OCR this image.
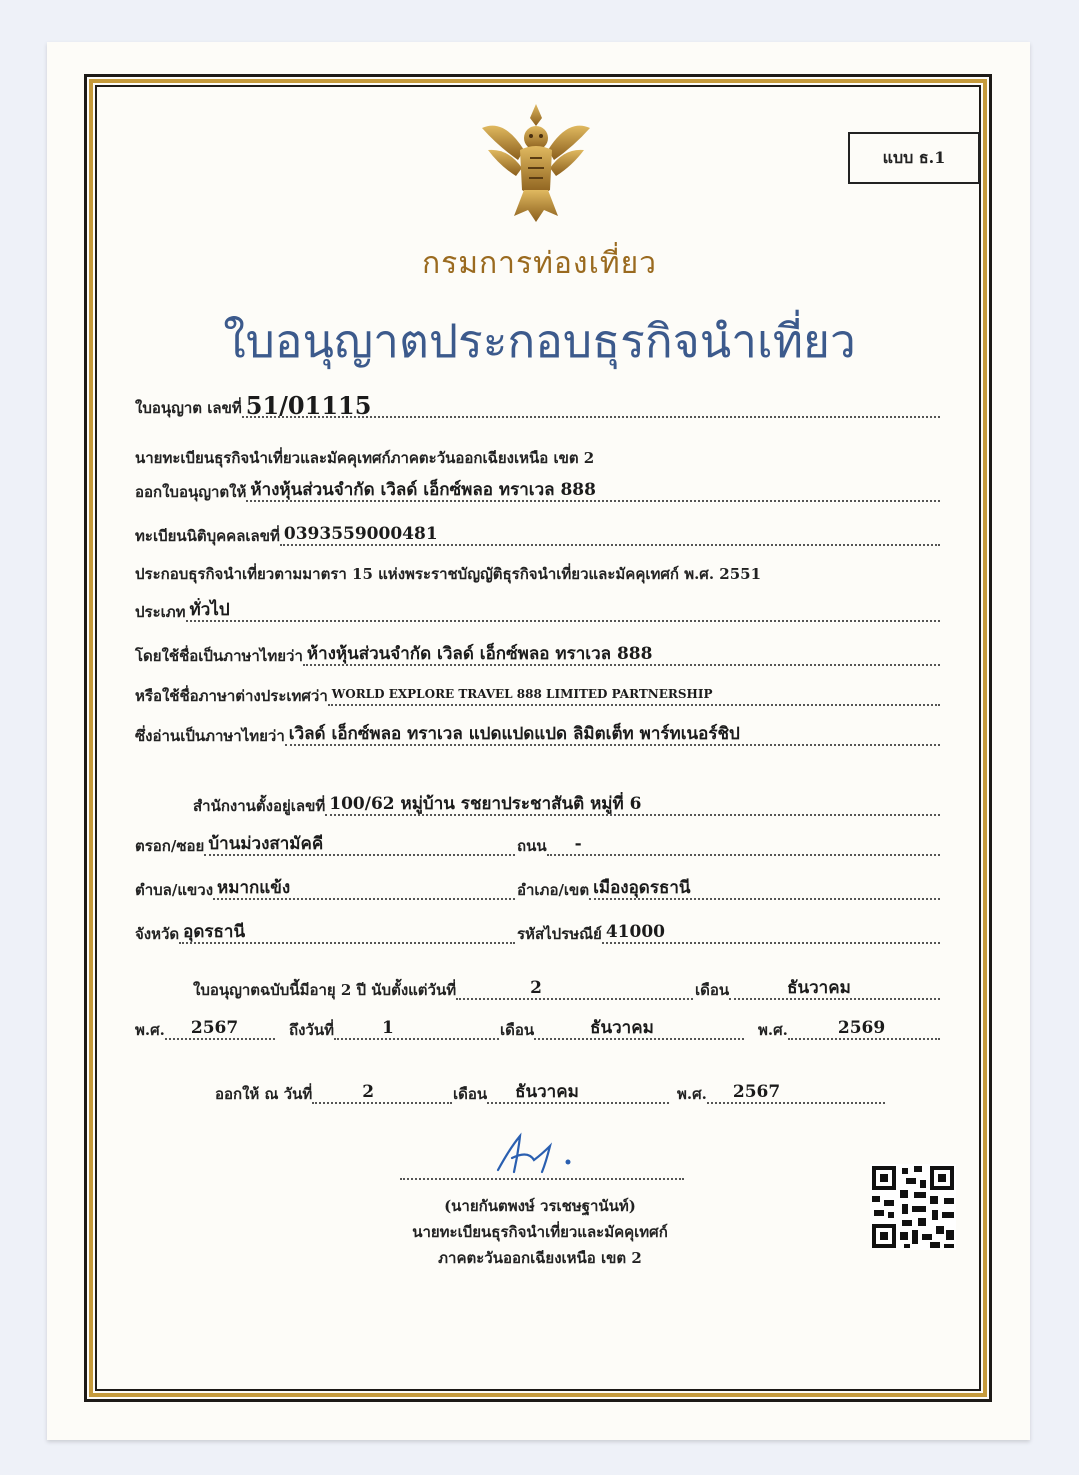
แบบ ธ.1
กรมการท่องเที่ยว
ใบอนุญาตประกอบธุรกิจนำเที่ยว
ใบอนุญาต เลขที่ 51/01115
นายทะเบียนธุรกิจนำเที่ยวและมัคคุเทศก์ภาคตะวันออกเฉียงเหนือ เขต 2
ออกใบอนุญาตให้ ห้างหุ้นส่วนจำกัด เวิลด์ เอ็กซ์พลอ ทราเวล 888
ทะเบียนนิติบุคคลเลขที่ 0393559000481
ประกอบธุรกิจนำเที่ยวตามมาตรา 15 แห่งพระราชบัญญัติธุรกิจนำเที่ยวและมัคคุเทศก์ พ.ศ. 2551
ประเภท ทั่วไป
โดยใช้ชื่อเป็นภาษาไทยว่า ห้างหุ้นส่วนจำกัด เวิลด์ เอ็กซ์พลอ ทราเวล 888
หรือใช้ชื่อภาษาต่างประเทศว่า WORLD EXPLORE TRAVEL 888 LIMITED PARTNERSHIP
ซึ่งอ่านเป็นภาษาไทยว่า เวิลด์ เอ็กซ์พลอ ทราเวล แปดแปดแปด ลิมิตเต็ท พาร์ทเนอร์ชิป
สำนักงานตั้งอยู่เลขที่ 100/62 หมู่บ้าน รชยาประชาสันติ หมู่ที่ 6
ตรอก/ซอย บ้านม่วงสามัคคี	ถนน	-
ตำบล/แขวง หมากแข้ง	อำเภอ/เขต เมืองอุดรธานี
จังหวัด อุดรธานี	รหัสไปรษณีย์ 41000
ใบอนุญาตฉบับนี้มีอายุ 2 ปี นับตั้งแต่วันที่	2	เดือน	ธันวาคม
พ.ศ.	2567	ถึงวันที่	1	เดือน	ธันวาคม	พ.ศ.	2569
ออกให้ ณ วันที่	2	เดือน	ธันวาคม	พ.ศ.	2567
(นายกันตพงษ์ วรเชษฐานันท์)
นายทะเบียนธุรกิจนำเที่ยวและมัคคุเทศก์
ภาคตะวันออกเฉียงเหนือ เขต 2
